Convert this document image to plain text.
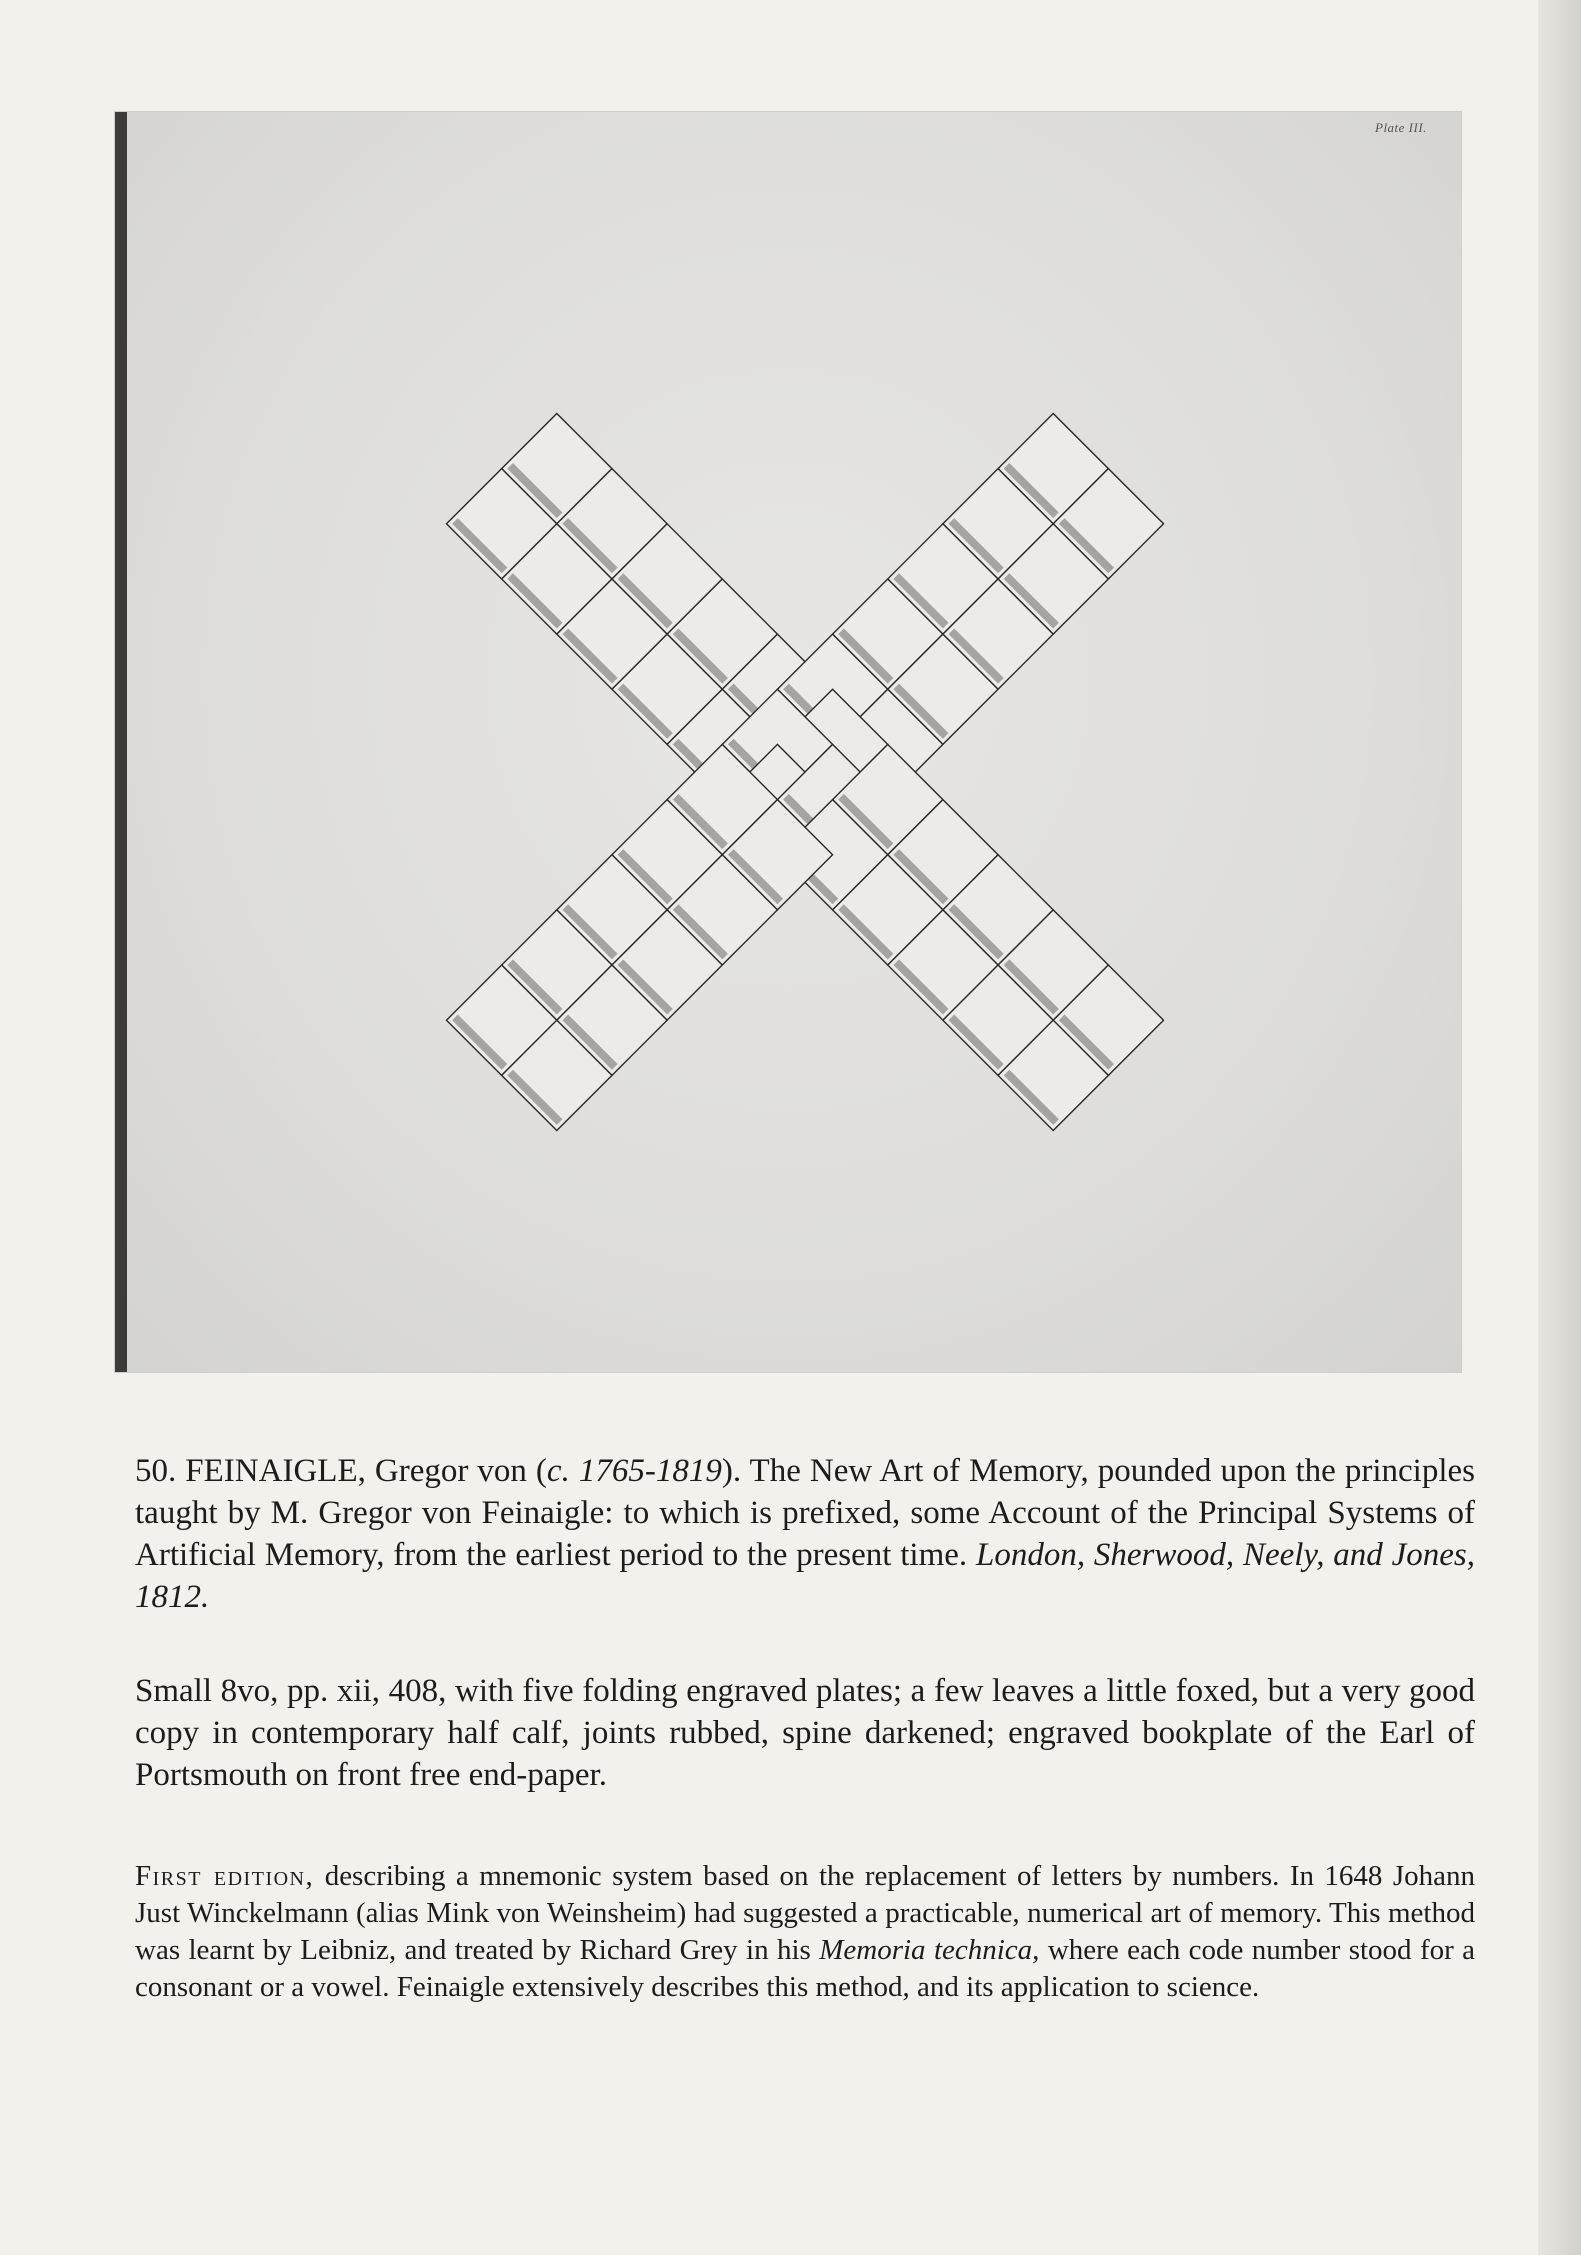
Plate III.
50. FEINAIGLE, Gregor von (c. 1765-1819). The New Art of Memory, pounded upon the principles taught by M. Gregor von Feinaigle: to which is prefixed, some Account of the Principal Systems of Artificial Memory, from the earliest period to the present time. London, Sherwood, Neely, and Jones, 1812.
Small 8vo, pp. xii, 408, with five folding engraved plates; a few leaves a little foxed, but a very good copy in contemporary half calf, joints rubbed, spine darkened; engraved bookplate of the Earl of Portsmouth on front free end-paper.
First edition, describing a mnemonic system based on the replacement of letters by numbers. In 1648 Johann Just Winckelmann (alias Mink von Weinsheim) had suggested a practicable, numerical art of memory. This method was learnt by Leibniz, and treated by Richard Grey in his Memoria technica, where each code number stood for a consonant or a vowel. Feinaigle extensively describes this method, and its application to science.
